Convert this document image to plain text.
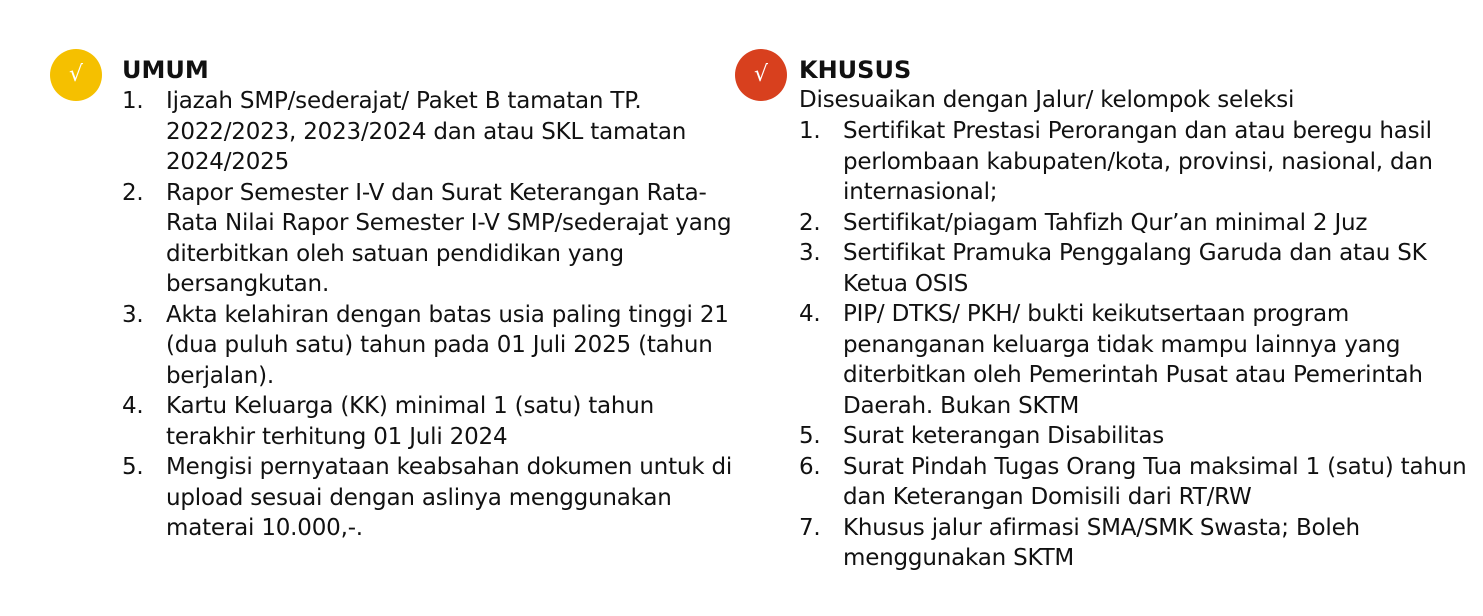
√	UMUM
1. Ijazah SMP/sederajat/ Paket B tamatan TP. 2022/2023, 2023/2024 dan atau SKL tamatan 2024/2025
2. Rapor Semester I-V dan Surat Keterangan Rata-Rata Nilai Rapor Semester I-V SMP/sederajat yang diterbitkan oleh satuan pendidikan yang bersangkutan.
3. Akta kelahiran dengan batas usia paling tinggi 21 (dua puluh satu) tahun pada 01 Juli 2025 (tahun berjalan).
4. Kartu Keluarga (KK) minimal 1 (satu) tahun terakhir terhitung 01 Juli 2024
5. Mengisi pernyataan keabsahan dokumen untuk di upload sesuai dengan aslinya menggunakan materai 10.000,-.
√	KHUSUS

Disesuaikan dengan Jalur/ kelompok seleksi

1. Sertifikat Prestasi Perorangan dan atau beregu hasil perlombaan kabupaten/kota, provinsi, nasional, dan internasional;
2. Sertifikat/piagam Tahfizh Qur’an minimal 2 Juz
3. Sertifikat Pramuka Penggalang Garuda dan atau SK Ketua OSIS
4. PIP/ DTKS/ PKH/ bukti keikutsertaan program penanganan keluarga tidak mampu lainnya yang diterbitkan oleh Pemerintah Pusat atau Pemerintah Daerah. Bukan SKTM
5. Surat keterangan Disabilitas
6. Surat Pindah Tugas Orang Tua maksimal 1 (satu) tahun dan Keterangan Domisili dari RT/RW
7. Khusus jalur afirmasi SMA/SMK Swasta; Boleh menggunakan SKTM
